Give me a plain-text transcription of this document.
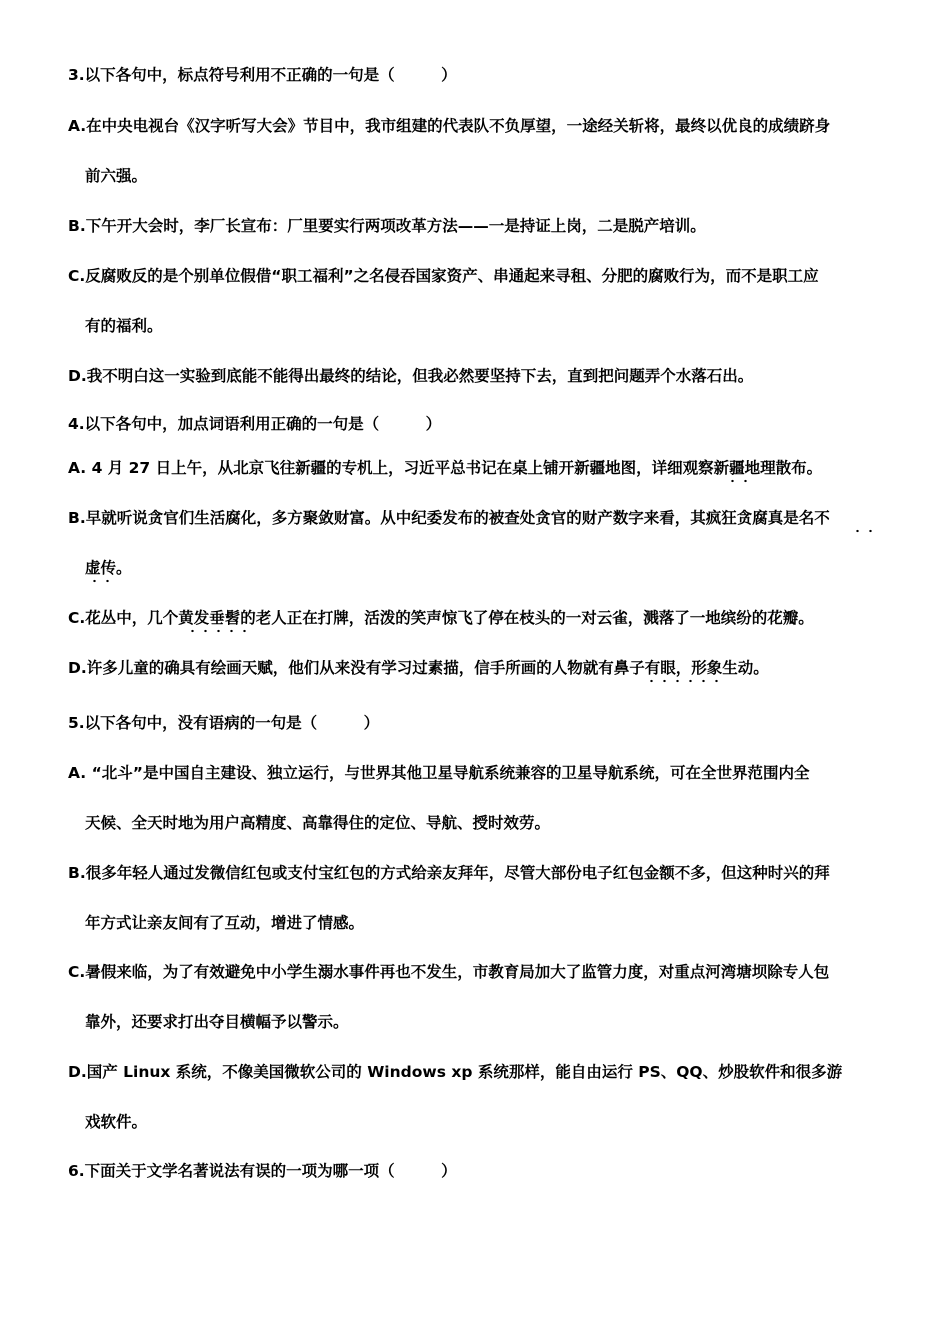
3.以下各句中，标点符号利用不正确的一句是（　　　）
A.在中央电视台《汉字听写大会》节目中，我市组建的代表队不负厚望，一途经关斩将，最终以优良的成绩跻身
前六强。
B.下午开大会时，李厂长宣布：厂里要实行两项改革方法——一是持证上岗，二是脱产培训。
C.反腐败反的是个别单位假借“职工福利”之名侵吞国家资产、串通起来寻租、分肥的腐败行为，而不是职工应
有的福利。
D.我不明白这一实验到底能不能得出最终的结论，但我必然要坚持下去，直到把问题弄个水落石出。
4.以下各句中，加点词语利用正确的一句是（　　　）
A. 4 月 27 日上午，从北京飞往新疆的专机上，习近平总书记在桌上铺开新疆地图，详细观察新疆地理散布。
B.早就听说贪官们生活腐化，多方聚敛财富。从中纪委发布的被查处贪官的财产数字来看，其疯狂贪腐真是名不
虚传。
C.花丛中，几个黄发垂髫的老人正在打牌，活泼的笑声惊飞了停在枝头的一对云雀，溅落了一地缤纷的花瓣。
D.许多儿童的确具有绘画天赋，他们从来没有学习过素描，信手所画的人物就有鼻子有眼，形象生动。
5.以下各句中，没有语病的一句是（　　　）
A. “北斗”是中国自主建设、独立运行，与世界其他卫星导航系统兼容的卫星导航系统，可在全世界范围内全
天候、全天时地为用户高精度、高靠得住的定位、导航、授时效劳。
B.很多年轻人通过发微信红包或支付宝红包的方式给亲友拜年，尽管大部份电子红包金额不多，但这种时兴的拜
年方式让亲友间有了互动，增进了情感。
C.暑假来临，为了有效避免中小学生溺水事件再也不发生，市教育局加大了监管力度，对重点河湾塘坝除专人包
靠外，还要求打出夺目横幅予以警示。
D.国产 Linux 系统，不像美国微软公司的 Windows xp 系统那样，能自由运行 PS、QQ、炒股软件和很多游
戏软件。
6.下面关于文学名著说法有误的一项为哪一项（　　　）
